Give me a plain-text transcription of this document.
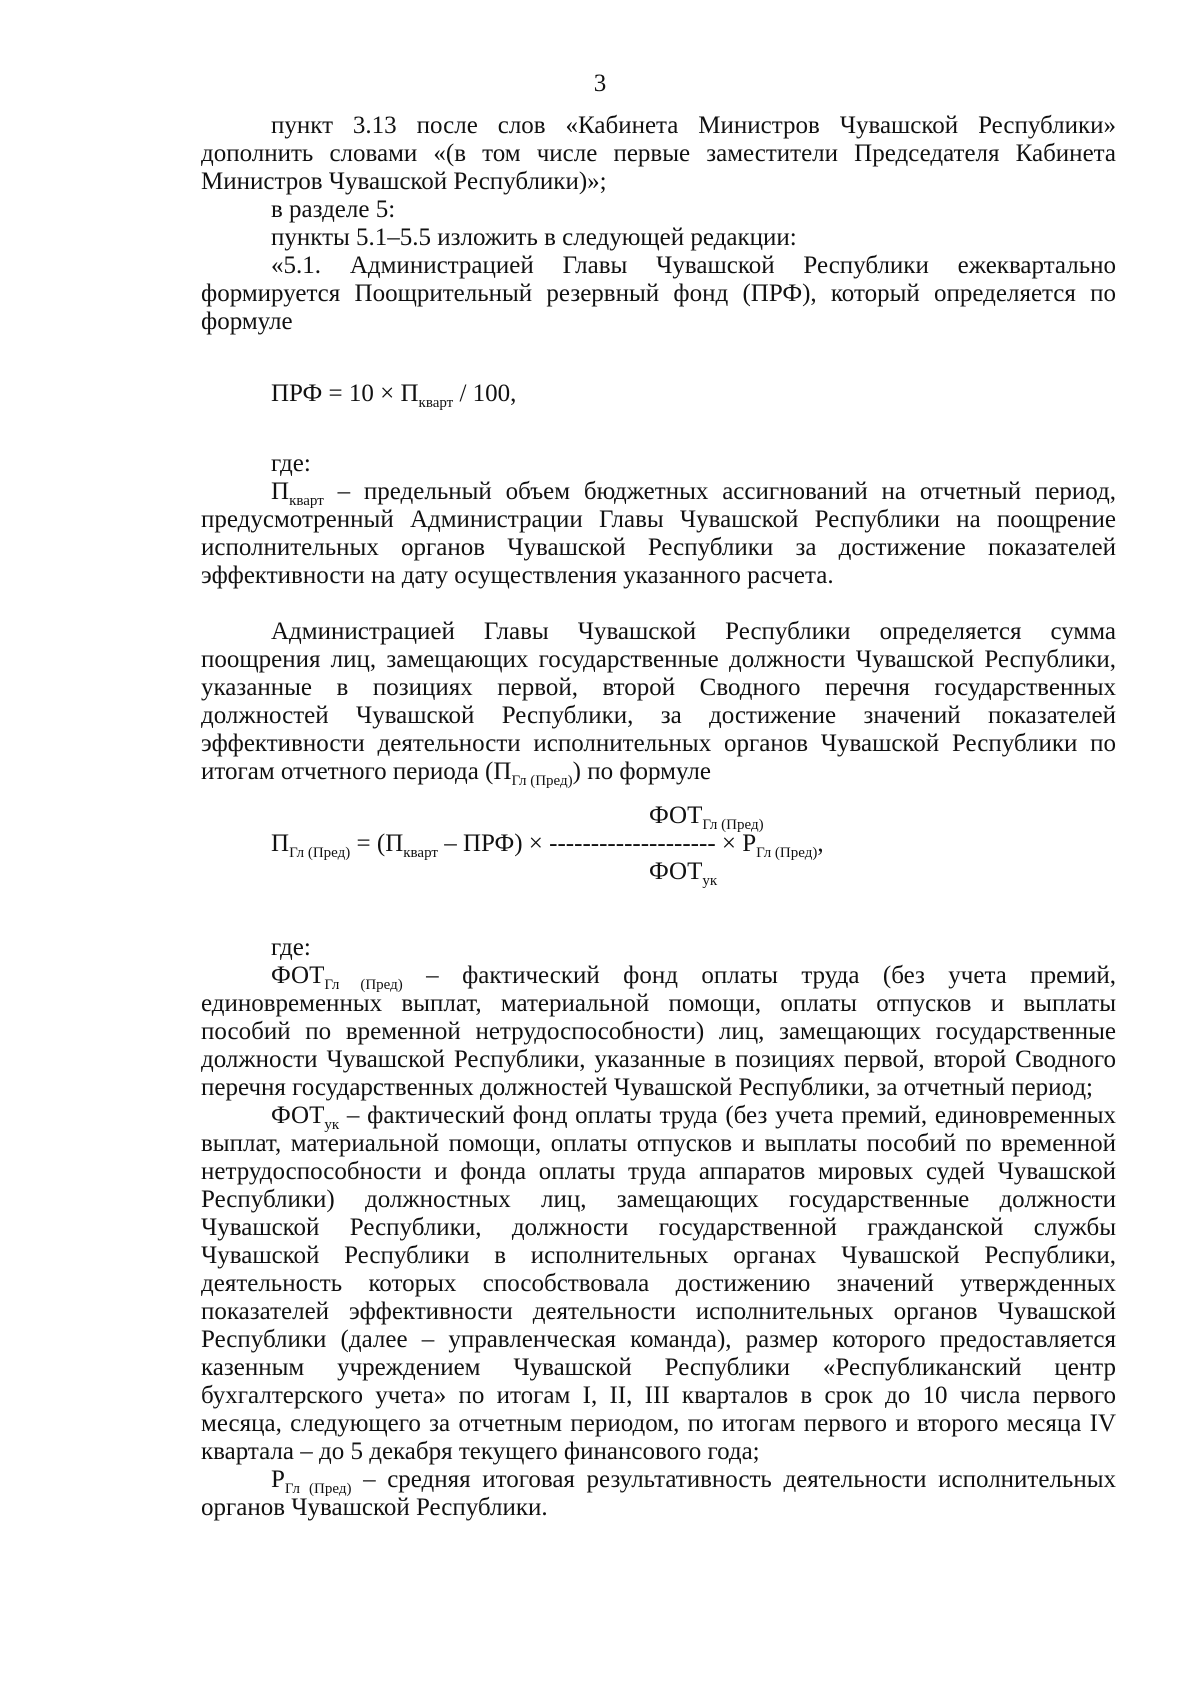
3

пункт 3.13 после слов «Кабинета Министров Чувашской Республики» дополнить словами «(в том числе первые заместители Председателя Кабинета Министров Чувашской Республики)»;

в разделе 5:

пункты 5.1–5.5 изложить в следующей редакции:

«5.1. Администрацией Главы Чувашской Республики ежеквартально формируется Поощрительный резервный фонд (ПРФ), который определяется по формуле

ПРФ = $10 \times П_{кварт} / 100$,

где:

$П_{кварт}$ – предельный объем бюджетных ассигнований на отчетный период, предусмотренный Администрации Главы Чувашской Республики на поощрение исполнительных органов Чувашской Республики за достижение показателей эффективности на дату осуществления указанного расчета.

Администрацией Главы Чувашской Республики определяется сумма поощрения лиц, замещающих государственные должности Чувашской Республики, указанные в позициях первой, второй Сводного перечня государственных должностей Чувашской Республики, за достижение значений показателей эффективности деятельности исполнительных органов Чувашской Республики по итогам отчетного периода $(П_{Гл (Пред)})$ по формуле

$ФОТ_{Гл (Пред)}$
$П_{Гл (Пред)} = (П_{кварт} - ПРФ)$ × -------------------- × $Р_{Гл (Пред)}$,
$ФОТ_{ук}$

где:

$ФОТ_{Гл (Пред)}$ – фактический фонд оплаты труда (без учета премий, единовременных выплат, материальной помощи, оплаты отпусков и выплаты пособий по временной нетрудоспособности) лиц, замещающих государственные должности Чувашской Республики, указанные в позициях первой, второй Сводного перечня государственных должностей Чувашской Республики, за отчетный период;

$ФОТ_{ук}$ – фактический фонд оплаты труда (без учета премий, единовременных выплат, материальной помощи, оплаты отпусков и выплаты пособий по временной нетрудоспособности и фонда оплаты труда аппаратов мировых судей Чувашской Республики) должностных лиц, замещающих государственные должности Чувашской Республики, должности государственной гражданской службы Чувашской Республики в исполнительных органах Чувашской Республики, деятельность которых способствовала достижению значений утвержденных показателей эффективности деятельности исполнительных органов Чувашской Республики (далее – управленческая команда), размер которого предоставляется казенным учреждением Чувашской Республики «Республиканский центр бухгалтерского учета» по итогам I, II, III кварталов в срок до 10 числа первого месяца, следующего за отчетным периодом, по итогам первого и второго месяца IV квартала – до 5 декабря текущего финансового года;

$Р_{Гл (Пред)}$ – средняя итоговая результативность деятельности исполнительных органов Чувашской Республики.
